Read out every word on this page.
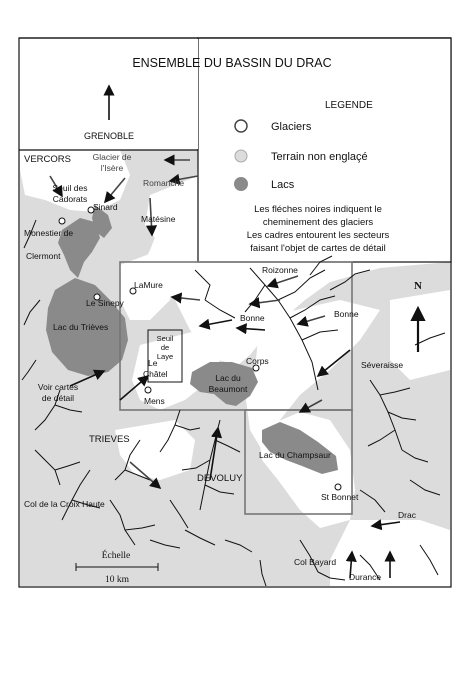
ENSEMBLE DU BASSIN DU DRAC
LEGENDE
Glaciers
Terrain non englaçé
Lacs
Les fléches noires indiquent le
cheminement des glaciers
Les cadres entourent les secteurs
faisant l'objet de cartes de détail
N
Échelle
10 km
GRENOBLE
VERCORS	Glacier de
l'Isère
Romanche
Seuil des
Cadorats
Sinard
Matésine
Monestier de
Clermont
Roizonne
LaMure
Le Sinepy
Lac du Trièves
Bonne	Bonne
Seuil
de
Laye
Le
Châtel
Corps	Séveraisse
Lac du
Beaumont
Mens
Voir cartes
de détail
TRIEVES
DEVOLUY
Lac du Champsaur
St Bonnet
Col de la Croix Haute
Drac
Col Bayard
Durance
